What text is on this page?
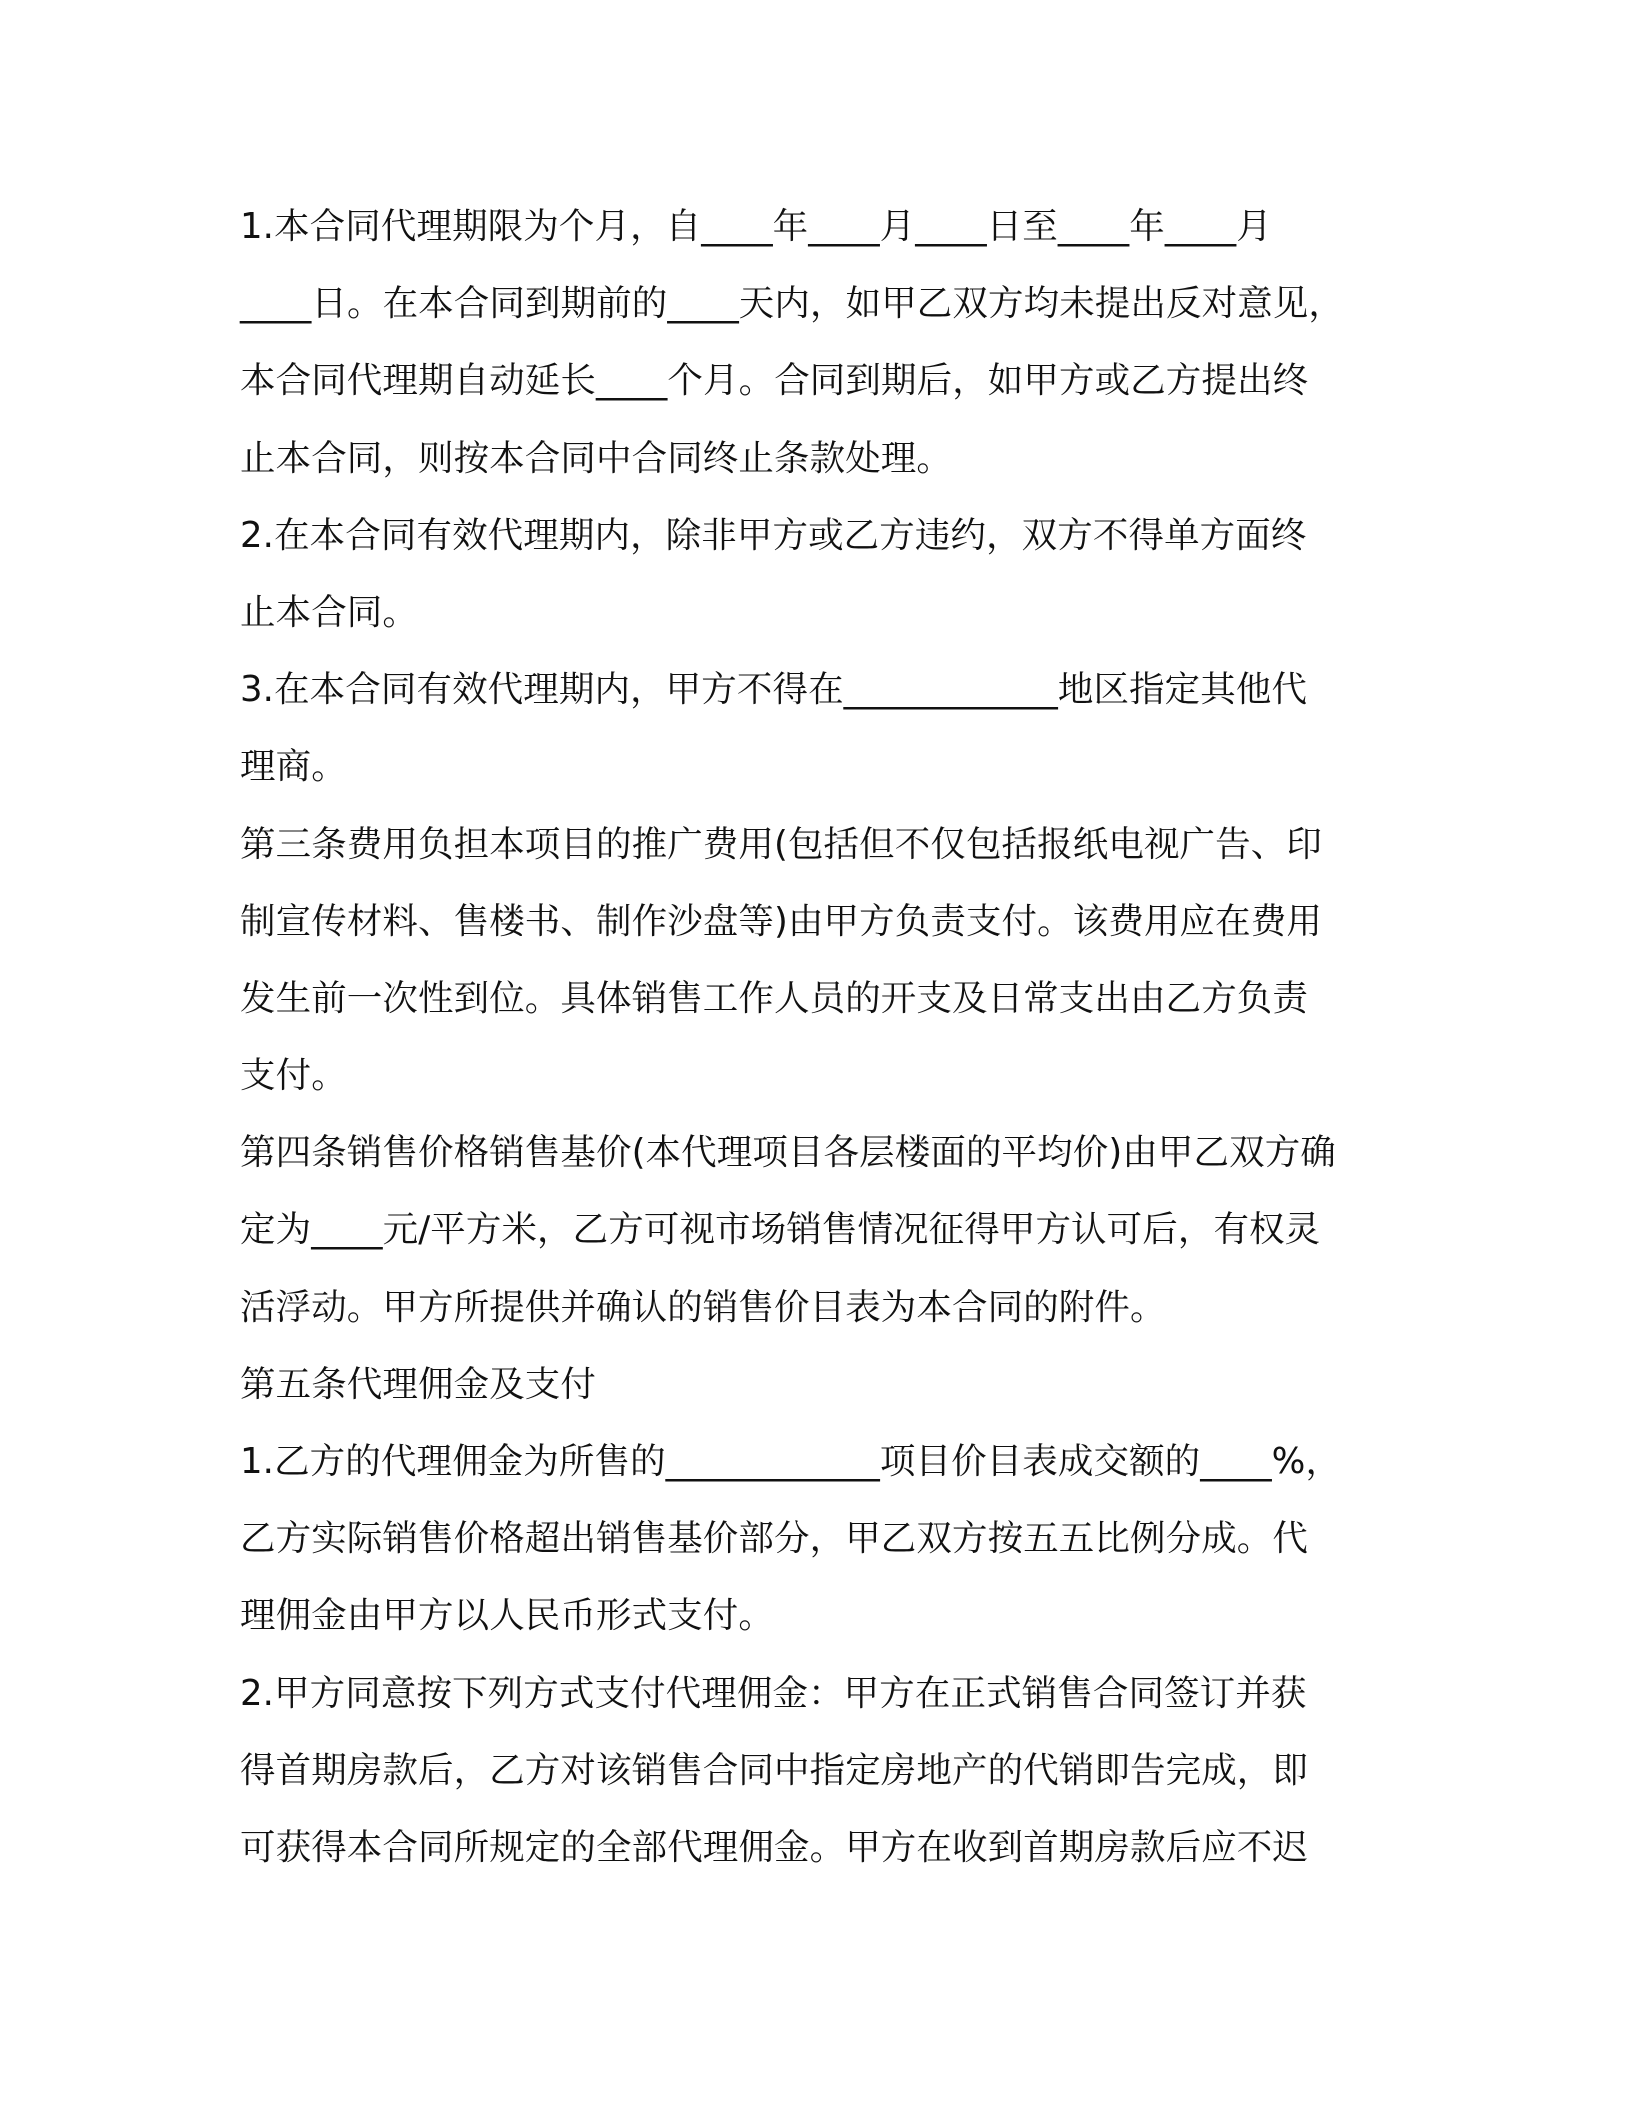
1.本合同代理期限为个月，自____年____月____日至____年____月
____日。在本合同到期前的____天内，如甲乙双方均未提出反对意见，
本合同代理期自动延长____个月。合同到期后，如甲方或乙方提出终
止本合同，则按本合同中合同终止条款处理。
2.在本合同有效代理期内，除非甲方或乙方违约，双方不得单方面终
止本合同。
3.在本合同有效代理期内，甲方不得在____________地区指定其他代
理商。
第三条费用负担本项目的推广费用(包括但不仅包括报纸电视广告、印
制宣传材料、售楼书、制作沙盘等)由甲方负责支付。该费用应在费用
发生前一次性到位。具体销售工作人员的开支及日常支出由乙方负责
支付。
第四条销售价格销售基价(本代理项目各层楼面的平均价)由甲乙双方确
定为____元/平方米，乙方可视市场销售情况征得甲方认可后，有权灵
活浮动。甲方所提供并确认的销售价目表为本合同的附件。
第五条代理佣金及支付
1.乙方的代理佣金为所售的____________项目价目表成交额的____%，
乙方实际销售价格超出销售基价部分，甲乙双方按五五比例分成。代
理佣金由甲方以人民币形式支付。
2.甲方同意按下列方式支付代理佣金：甲方在正式销售合同签订并获
得首期房款后，乙方对该销售合同中指定房地产的代销即告完成，即
可获得本合同所规定的全部代理佣金。甲方在收到首期房款后应不迟
